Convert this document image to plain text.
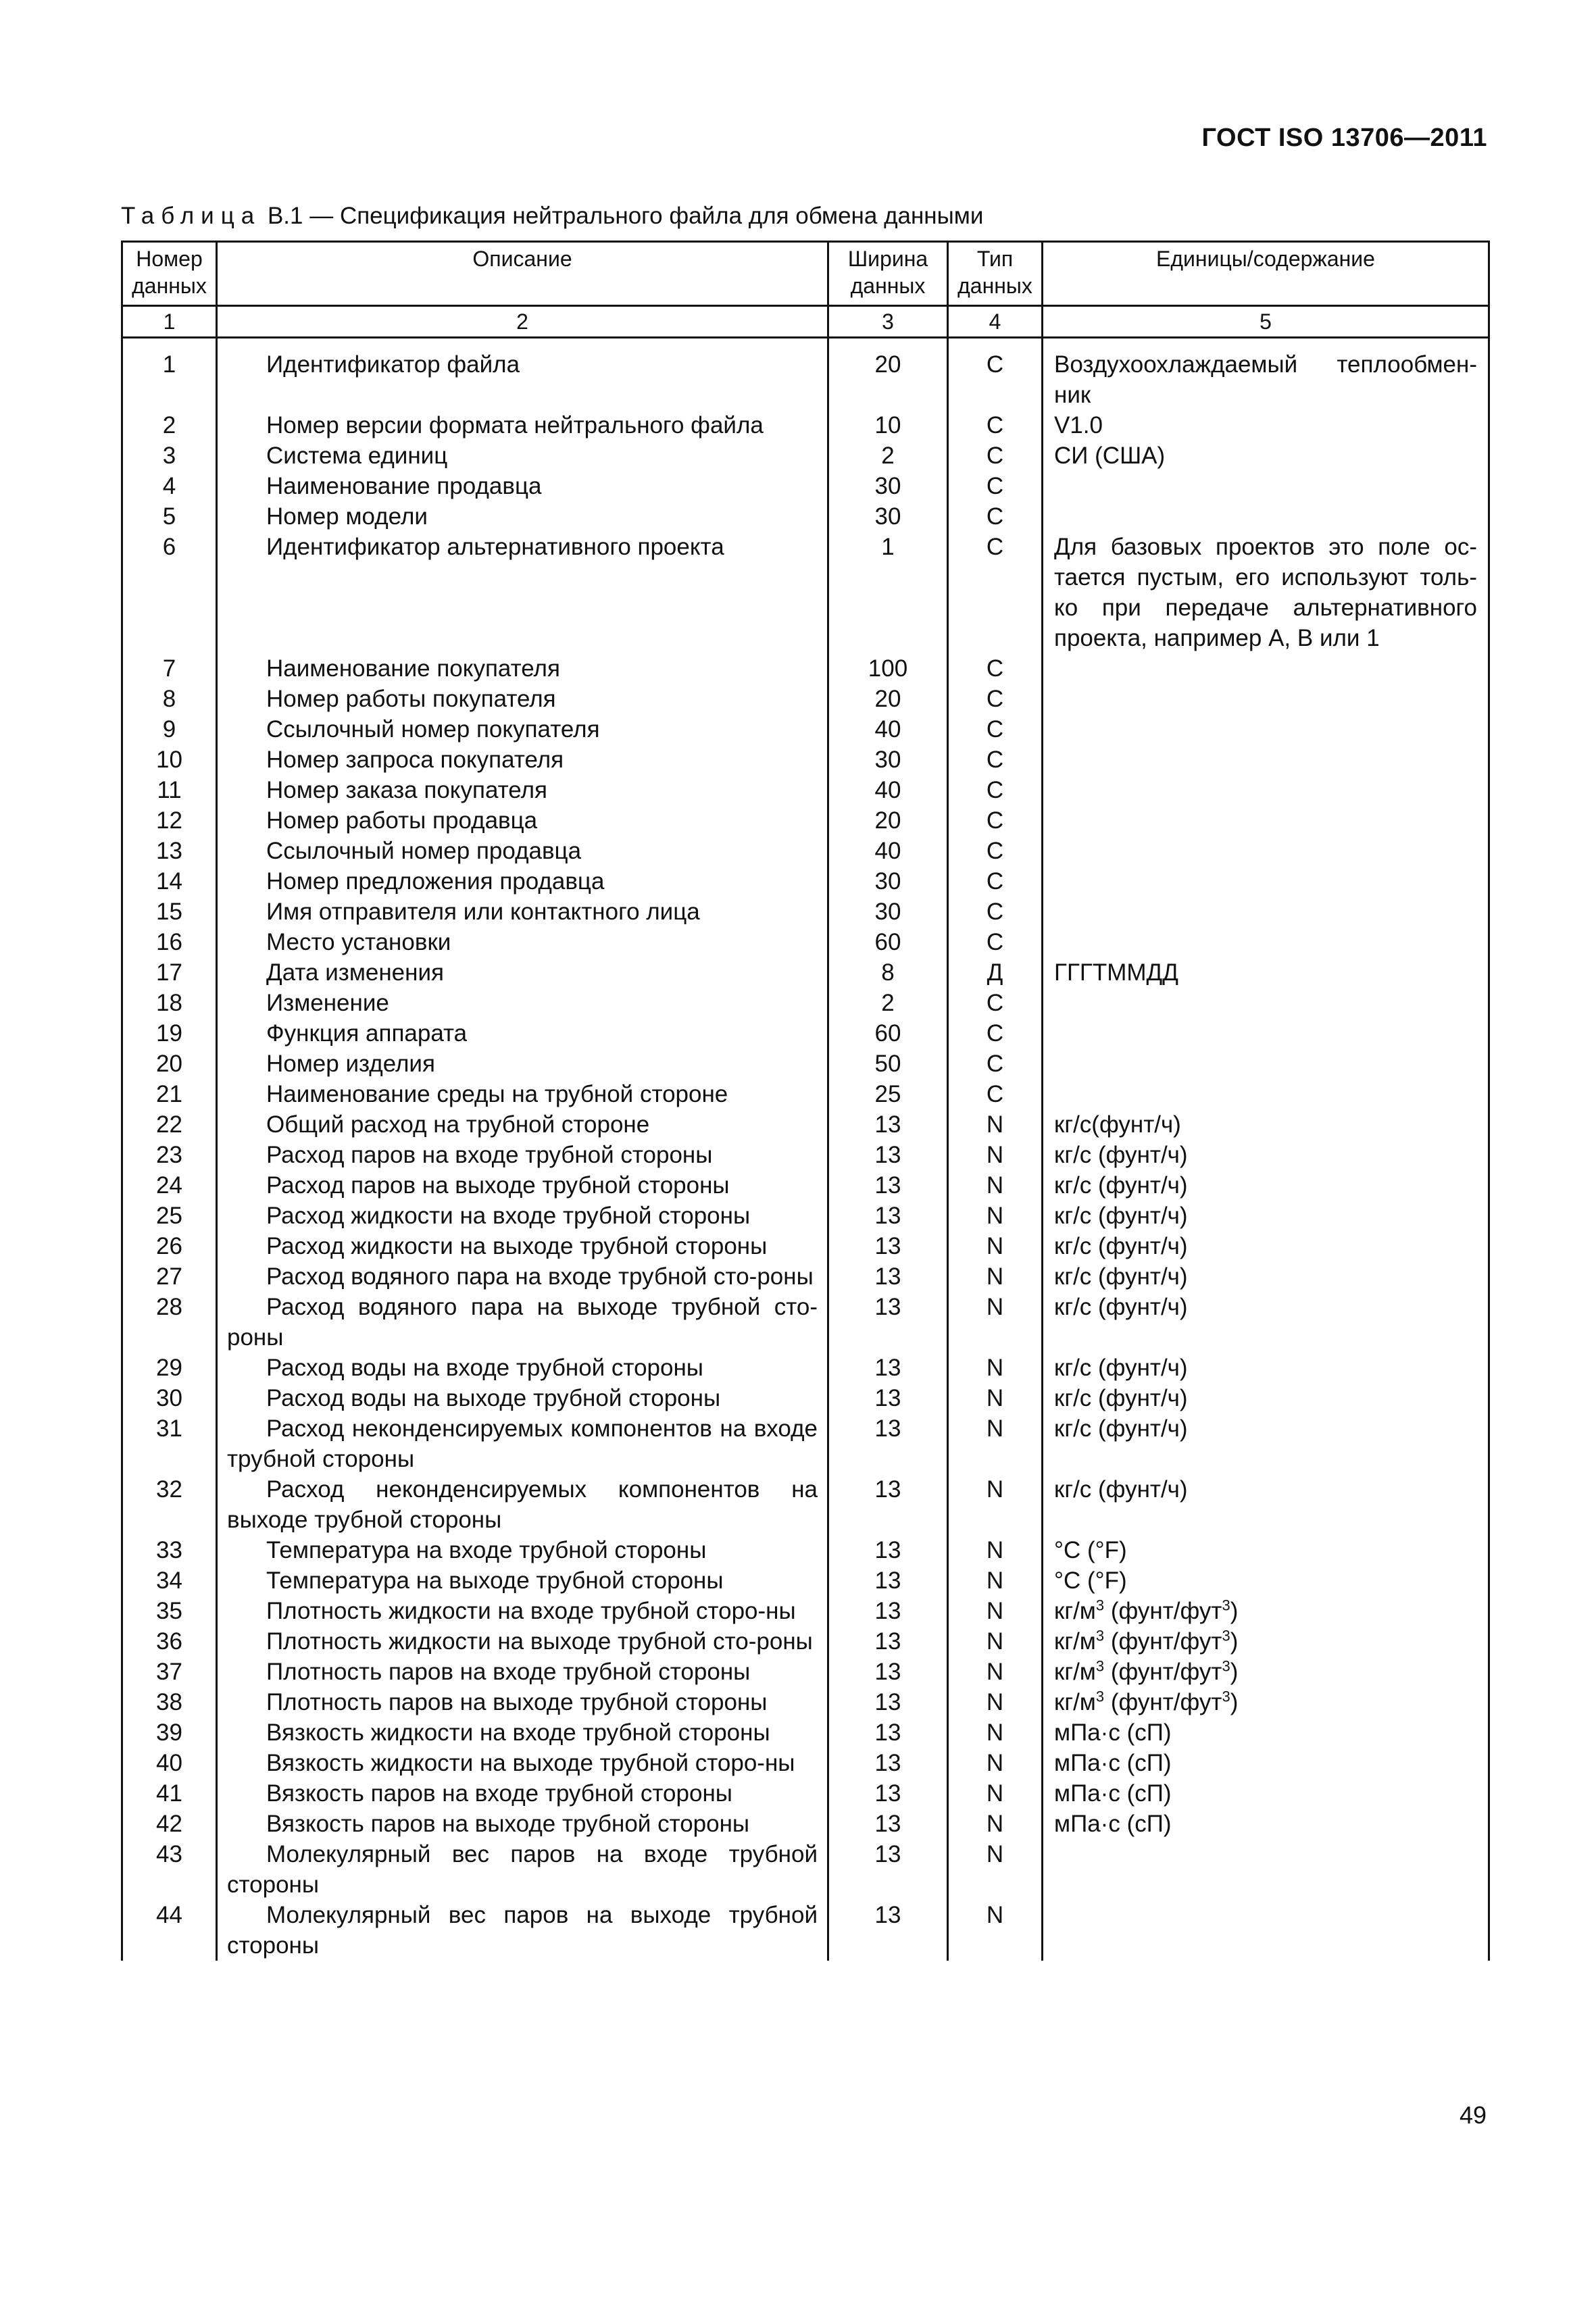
ГОСТ ISO 13706—2011
Таблица В.1 — Спецификация нейтрального файла для обмена данными
Номер данных	Описание	Ширина данных	Тип данных	Единицы/содержание
1	2	3	4	5

1	Идентификатор файла	20	C	Воздухоохлаждаемый теплообмен-ник
2	Номер версии формата нейтрального файла	10	C	V1.0
3	Система единиц	2	C	СИ (США)
4	Наименование продавца	30	C	
5	Номер модели	30	C	
6	Идентификатор альтернативного проекта	1	C	Для базовых проектов это поле ос-тается пустым, его используют толь-ко при передаче альтернативного проекта, например А, В или 1
7	Наименование покупателя	100	C	
8	Номер работы покупателя	20	C	
9	Ссылочный номер покупателя	40	C	
10	Номер запроса покупателя	30	C	
11	Номер заказа покупателя	40	C	
12	Номер работы продавца	20	C	
13	Ссылочный номер продавца	40	C	
14	Номер предложения продавца	30	C	
15	Имя отправителя или контактного лица	30	C	
16	Место установки	60	C	
17	Дата изменения	8	Д	ГГГТММДД
18	Изменение	2	C	
19	Функция аппарата	60	C	
20	Номер изделия	50	C	
21	Наименование среды на трубной стороне	25	C	
22	Общий расход на трубной стороне	13	N	кг/с(фунт/ч)
23	Расход паров на входе трубной стороны	13	N	кг/с (фунт/ч)
24	Расход паров на выходе трубной стороны	13	N	кг/с (фунт/ч)
25	Расход жидкости на входе трубной стороны	13	N	кг/с (фунт/ч)
26	Расход жидкости на выходе трубной стороны	13	N	кг/с (фунт/ч)
27	Расход водяного пара на входе трубной сто-роны	13	N	кг/с (фунт/ч)
28	Расход водяного пара на выходе трубной сто-роны	13	N	кг/с (фунт/ч)
29	Расход воды на входе трубной стороны	13	N	кг/с (фунт/ч)
30	Расход воды на выходе трубной стороны	13	N	кг/с (фунт/ч)
31	Расход неконденсируемых компонентов на входе трубной стороны	13	N	кг/с (фунт/ч)
32	Расход неконденсируемых компонентов на выходе трубной стороны	13	N	кг/с (фунт/ч)
33	Температура на входе трубной стороны	13	N	°C (°F)
34	Температура на выходе трубной стороны	13	N	°C (°F)
35	Плотность жидкости на входе трубной сторо-ны	13	N	$кг/м^3$ (фунт/фут$^3$)
36	Плотность жидкости на выходе трубной сто-роны	13	N	$кг/м^3$ (фунт/фут$^3$)
37	Плотность паров на входе трубной стороны	13	N	$кг/м^3$ (фунт/фут$^3$)
38	Плотность паров на выходе трубной стороны	13	N	$кг/м^3$ (фунт/фут$^3$)
39	Вязкость жидкости на входе трубной стороны	13	N	мПа·с (сП)
40	Вязкость жидкости на выходе трубной сторо-ны	13	N	мПа·с (сП)
41	Вязкость паров на входе трубной стороны	13	N	мПа·с (сП)
42	Вязкость паров на выходе трубной стороны	13	N	мПа·с (сП)
43	Молекулярный вес паров на входе трубной стороны	13	N	
44	Молекулярный вес паров на выходе трубной стороны	13	N	
49
